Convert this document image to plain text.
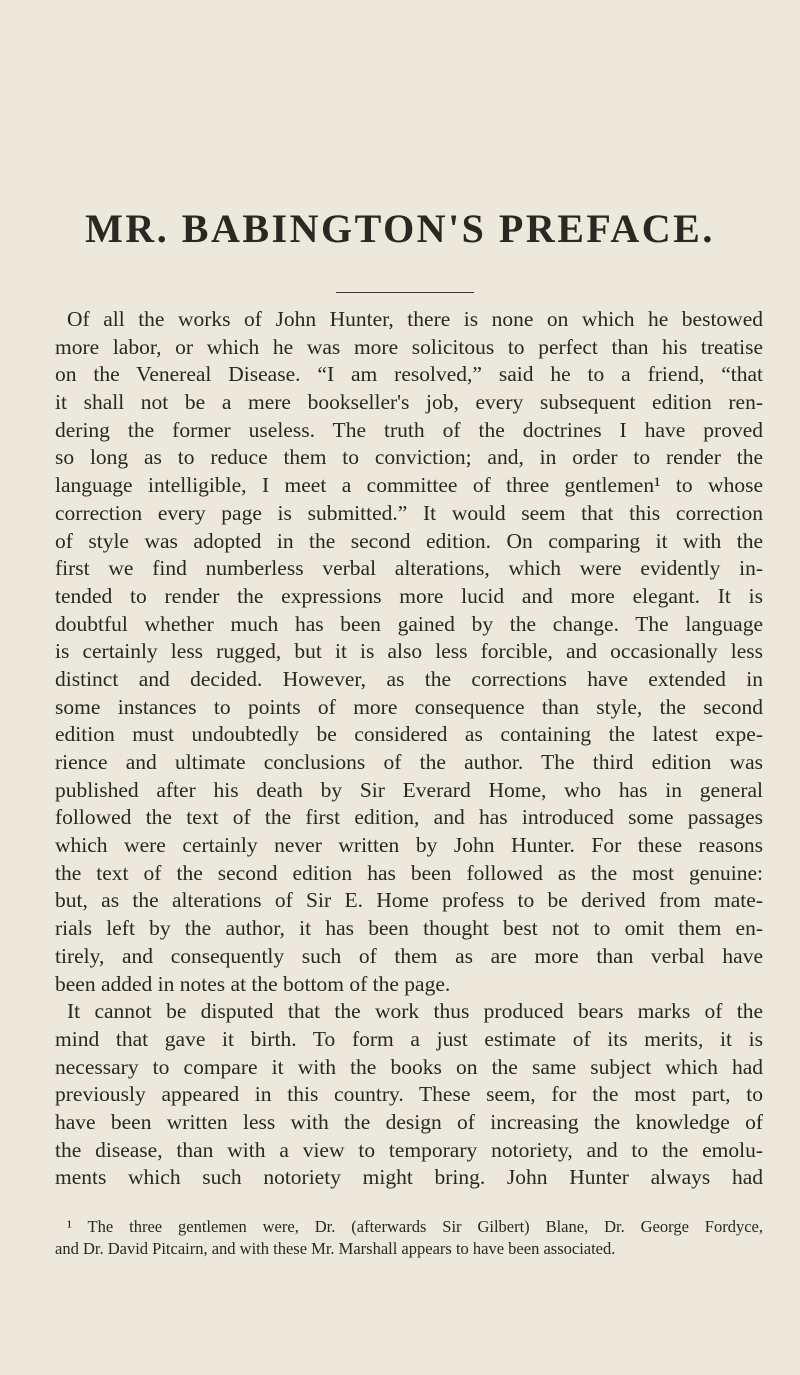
MR. BABINGTON'S PREFACE.
Of all the works of John Hunter, there is none on which he bestowed
more labor, or which he was more solicitous to perfect than his treatise
on the Venereal Disease. “I am resolved,” said he to a friend, “that
it shall not be a mere bookseller's job, every subsequent edition ren-
dering the former useless. The truth of the doctrines I have proved
so long as to reduce them to conviction; and, in order to render the
language intelligible, I meet a committee of three gentlemen¹ to whose
correction every page is submitted.” It would seem that this correction
of style was adopted in the second edition. On comparing it with the
first we find numberless verbal alterations, which were evidently in-
tended to render the expressions more lucid and more elegant. It is
doubtful whether much has been gained by the change. The language
is certainly less rugged, but it is also less forcible, and occasionally less
distinct and decided. However, as the corrections have extended in
some instances to points of more consequence than style, the second
edition must undoubtedly be considered as containing the latest expe-
rience and ultimate conclusions of the author. The third edition was
published after his death by Sir Everard Home, who has in general
followed the text of the first edition, and has introduced some passages
which were certainly never written by John Hunter. For these reasons
the text of the second edition has been followed as the most genuine:
but, as the alterations of Sir E. Home profess to be derived from mate-
rials left by the author, it has been thought best not to omit them en-
tirely, and consequently such of them as are more than verbal have
been added in notes at the bottom of the page.
It cannot be disputed that the work thus produced bears marks of the
mind that gave it birth. To form a just estimate of its merits, it is
necessary to compare it with the books on the same subject which had
previously appeared in this country. These seem, for the most part, to
have been written less with the design of increasing the knowledge of
the disease, than with a view to temporary notoriety, and to the emolu-
ments which such notoriety might bring. John Hunter always had
¹ The three gentlemen were, Dr. (afterwards Sir Gilbert) Blane, Dr. George Fordyce,
and Dr. David Pitcairn, and with these Mr. Marshall appears to have been associated.
